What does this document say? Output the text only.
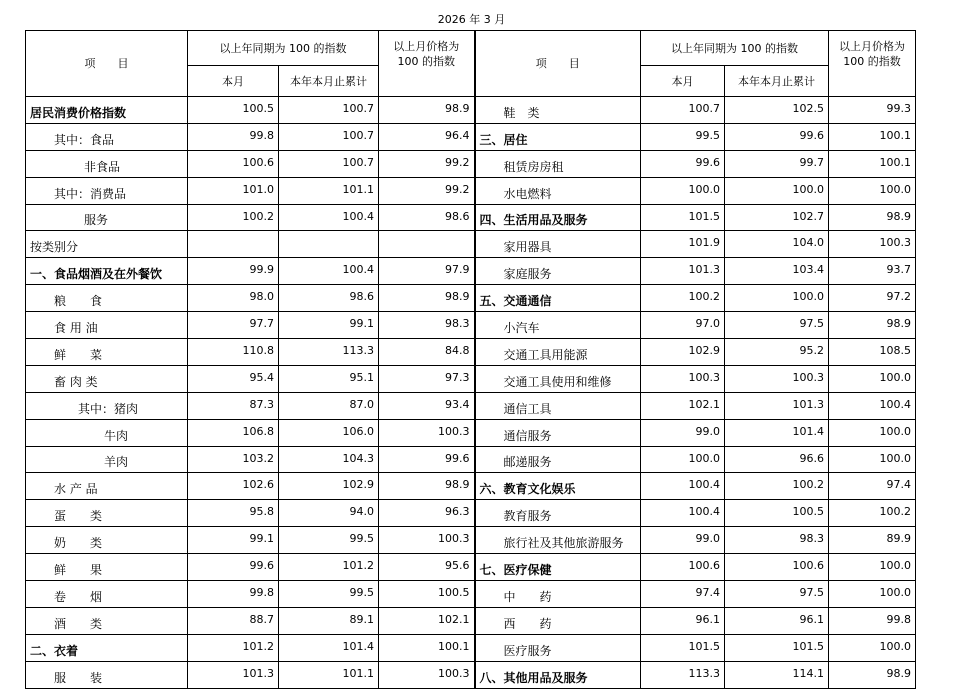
2026 年 3 月
项　　目	以上年同期为 100 的指数		以上月价格为
100 的指数	项　　目	以上年同期为 100 的指数		以上月价格为
100 的指数
	本月	本年本月止累计			本月	本年本月止累计	
居民消费价格指数	100.5	100.7	98.9	鞋　类	100.7	102.5	99.3
其中：食品	99.8	100.7	96.4	三、居住	99.5	99.6	100.1
非食品	100.6	100.7	99.2	租赁房房租	99.6	99.7	100.1
其中：消费品	101.0	101.1	99.2	水电燃料	100.0	100.0	100.0
服务	100.2	100.4	98.6	四、生活用品及服务	101.5	102.7	98.9
按类别分				家用器具	101.9	104.0	100.3
一、食品烟酒及在外餐饮	99.9	100.4	97.9	家庭服务	101.3	103.4	93.7
粮　　食	98.0	98.6	98.9	五、交通通信	100.2	100.0	97.2
食 用 油	97.7	99.1	98.3	小汽车	97.0	97.5	98.9
鲜　　菜	110.8	113.3	84.8	交通工具用能源	102.9	95.2	108.5
畜 肉 类	95.4	95.1	97.3	交通工具使用和维修	100.3	100.3	100.0
其中：猪肉	87.3	87.0	93.4	通信工具	102.1	101.3	100.4
牛肉	106.8	106.0	100.3	通信服务	99.0	101.4	100.0
羊肉	103.2	104.3	99.6	邮递服务	100.0	96.6	100.0
水 产 品	102.6	102.9	98.9	六、教育文化娱乐	100.4	100.2	97.4
蛋　　类	95.8	94.0	96.3	教育服务	100.4	100.5	100.2
奶　　类	99.1	99.5	100.3	旅行社及其他旅游服务	99.0	98.3	89.9
鲜　　果	99.6	101.2	95.6	七、医疗保健	100.6	100.6	100.0
卷　　烟	99.8	99.5	100.5	中　　药	97.4	97.5	100.0
酒　　类	88.7	89.1	102.1	西　　药	96.1	96.1	99.8
二、衣着	101.2	101.4	100.1	医疗服务	101.5	101.5	100.0
服　　装	101.3	101.1	100.3	八、其他用品及服务	113.3	114.1	98.9
